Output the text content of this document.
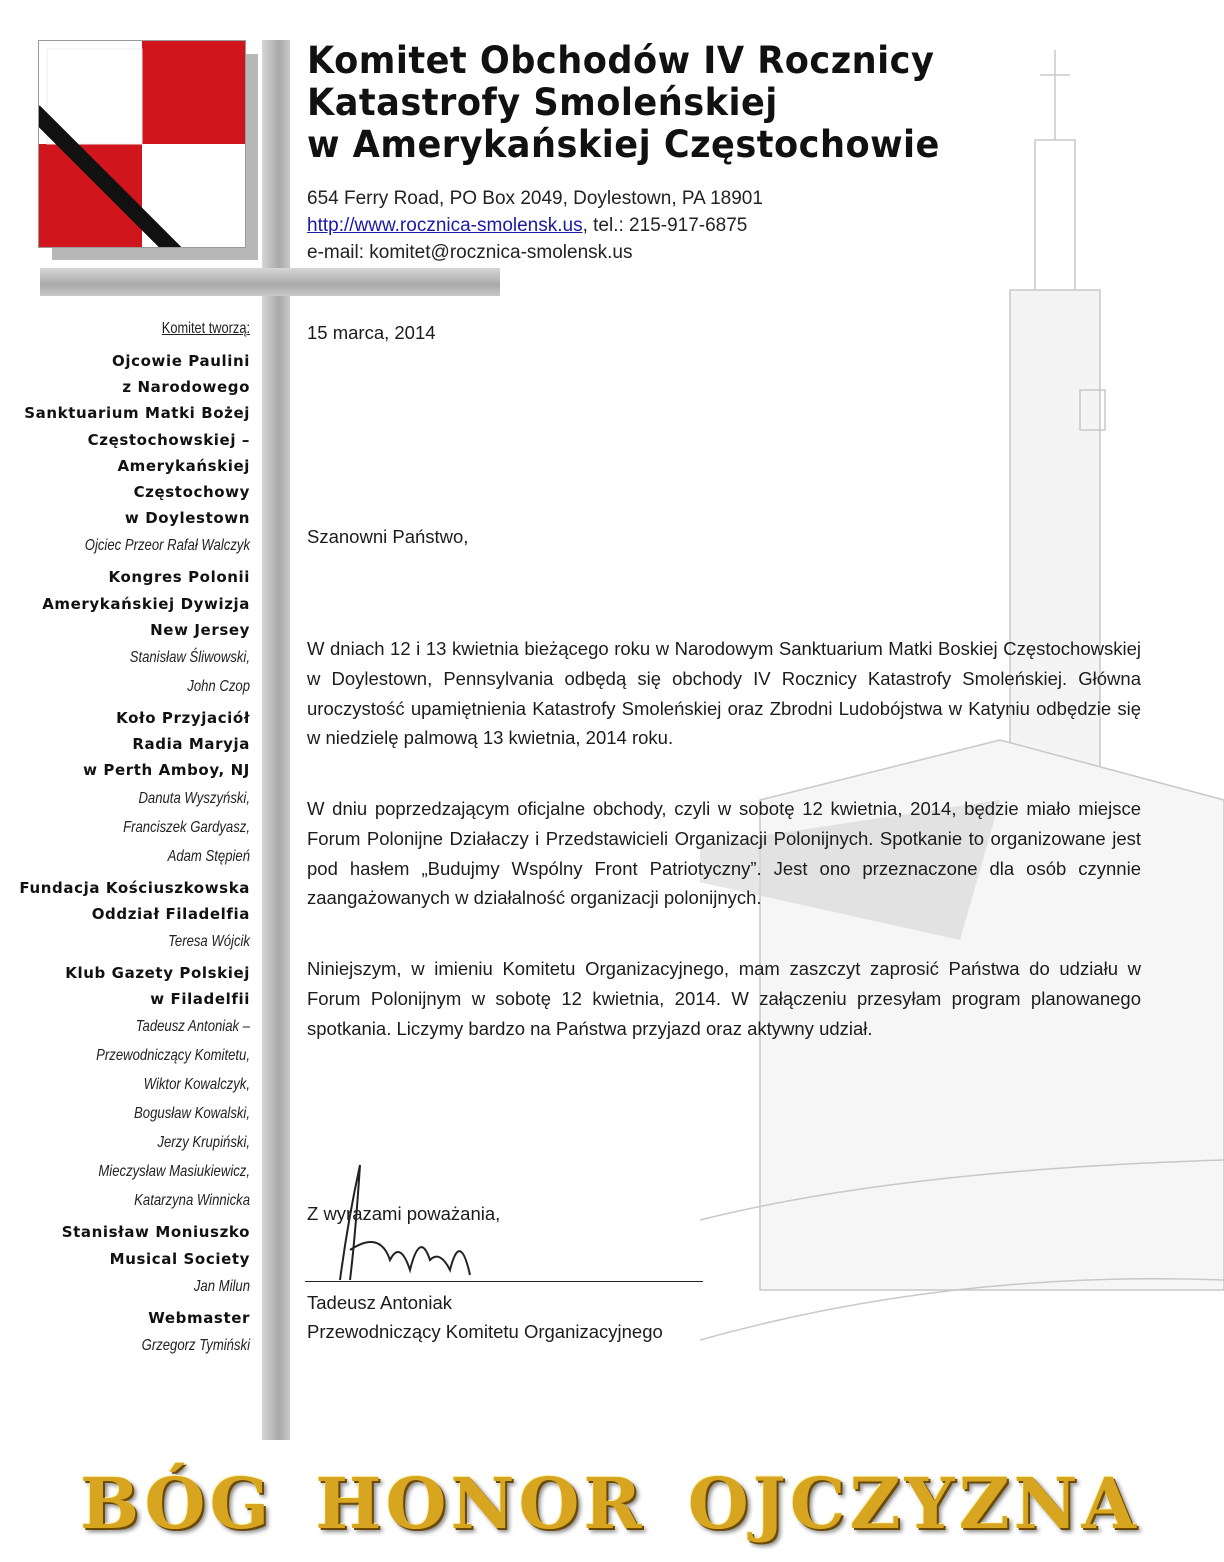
Komitet Obchodów IV Rocznicy
Katastrofy Smoleńskiej
w Amerykańskiej Częstochowie
654 Ferry Road, PO Box 2049, Doylestown, PA 18901
http://www.rocznica-smolensk.us, tel.: 215-917-6875
e-mail: komitet@rocznica-smolensk.us
Komitet tworzą:
Ojcowie Paulini
z Narodowego
Sanktuarium Matki Bożej
Częstochowskiej –
Amerykańskiej
Częstochowy
w Doylestown
Ojciec Przeor Rafał Walczyk
Kongres Polonii
Amerykańskiej Dywizja
New Jersey
Stanisław Śliwowski,
John Czop
Koło Przyjaciół
Radia Maryja
w Perth Amboy, NJ
Danuta Wyszyński,
Franciszek Gardyasz,
Adam Stępień
Fundacja Kościuszkowska
Oddział Filadelfia
Teresa Wójcik
Klub Gazety Polskiej
w Filadelfii
Tadeusz Antoniak –
Przewodniczący Komitetu,
Wiktor Kowalczyk,
Bogusław Kowalski,
Jerzy Krupiński,
Mieczysław Masiukiewicz,
Katarzyna Winnicka
Stanisław Moniuszko
Musical Society
Jan Milun
Webmaster
Grzegorz Tymiński
15 marca, 2014
Szanowni Państwo,
W dniach 12 i 13 kwietnia bieżącego roku w Narodowym Sanktuarium Matki Boskiej Częstochowskiej w Doylestown, Pennsylvania odbędą się obchody IV Rocznicy Katastrofy Smoleńskiej. Główna uroczystość upamiętnienia Katastrofy Smoleńskiej oraz Zbrodni Ludobójstwa w Katyniu odbędzie się w niedzielę palmową 13 kwietnia, 2014 roku.
W dniu poprzedzającym oficjalne obchody, czyli w sobotę 12 kwietnia, 2014, będzie miało miejsce Forum Polonijne Działaczy i Przedstawicieli Organizacji Polonijnych. Spotkanie to organizowane jest pod hasłem „Budujmy Wspólny Front Patriotyczny”. Jest ono przeznaczone dla osób czynnie zaangażowanych w działalność organizacji polonijnych.
Niniejszym, w imieniu Komitetu Organizacyjnego, mam zaszczyt zaprosić Państwa do udziału w Forum Polonijnym w sobotę 12 kwietnia, 2014. W załączeniu przesyłam program planowanego spotkania. Liczymy bardzo na Państwa przyjazd oraz aktywny udział.
Z wyrazami poważania,
Tadeusz Antoniak
Przewodniczący Komitetu Organizacyjnego
BÓG HONOR OJCZYZNA
